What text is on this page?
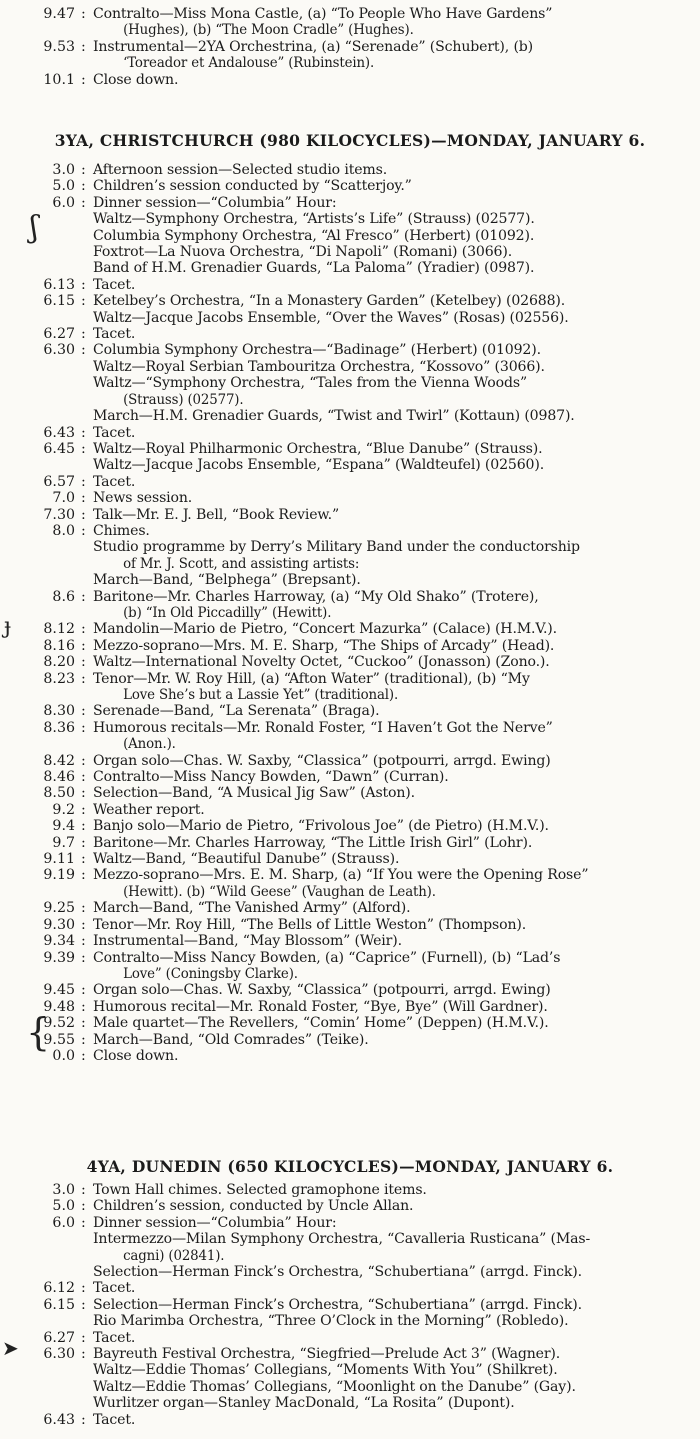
9.47 : Contralto—Miss Mona Castle, (a) “To People Who Have Gardens”
(Hughes), (b) “The Moon Cradle” (Hughes).
9.53 : Instrumental—2YA Orchestrina, (a) “Serenade” (Schubert), (b)
‘Toreador et Andalouse” (Rubinstein).
10.1 : Close down.
3YA, CHRISTCHURCH (980 KILOCYCLES)—MONDAY, JANUARY 6.
3.0 : Afternoon session—Selected studio items.
5.0 : Children’s session conducted by “Scatterjoy.”
6.0 : Dinner session—“Columbia” Hour:
Waltz—Symphony Orchestra, “Artists’s Life” (Strauss) (02577).
Columbia Symphony Orchestra, “Al Fresco” (Herbert) (01092).
Foxtrot—La Nuova Orchestra, “Di Napoli” (Romani) (3066).
Band of H.M. Grenadier Guards, “La Paloma” (Yradier) (0987).
6.13 : Tacet.
6.15 : Ketelbey’s Orchestra, “In a Monastery Garden” (Ketelbey) (02688).
Waltz—Jacque Jacobs Ensemble, “Over the Waves” (Rosas) (02556).
6.27 : Tacet.
6.30 : Columbia Symphony Orchestra—“Badinage” (Herbert) (01092).
Waltz—Royal Serbian Tambouritza Orchestra, “Kossovo” (3066).
Waltz—“Symphony Orchestra, “Tales from the Vienna Woods”
(Strauss) (02577).
March—H.M. Grenadier Guards, “Twist and Twirl” (Kottaun) (0987).
6.43 : Tacet.
6.45 : Waltz—Royal Philharmonic Orchestra, “Blue Danube” (Strauss).
Waltz—Jacque Jacobs Ensemble, “Espana” (Waldteufel) (02560).
6.57 : Tacet.
7.0 : News session.
7.30 : Talk—Mr. E. J. Bell, “Book Review.”
8.0 : Chimes.
Studio programme by Derry’s Military Band under the conductorship
of Mr. J. Scott, and assisting artists:
March—Band, “Belphega” (Brepsant).
8.6 : Baritone—Mr. Charles Harroway, (a) “My Old Shako” (Trotere),
(b) “In Old Piccadilly” (Hewitt).
8.12 : Mandolin—Mario de Pietro, “Concert Mazurka” (Calace) (H.M.V.).
8.16 : Mezzo-soprano—Mrs. M. E. Sharp, “The Ships of Arcady” (Head).
8.20 : Waltz—International Novelty Octet, “Cuckoo” (Jonasson) (Zono.).
8.23 : Tenor—Mr. W. Roy Hill, (a) “Afton Water” (traditional), (b) “My
Love She’s but a Lassie Yet” (traditional).
8.30 : Serenade—Band, “La Serenata” (Braga).
8.36 : Humorous recitals—Mr. Ronald Foster, “I Haven’t Got the Nerve”
(Anon.).
8.42 : Organ solo—Chas. W. Saxby, “Classica” (potpourri, arrgd. Ewing)
8.46 : Contralto—Miss Nancy Bowden, “Dawn” (Curran).
8.50 : Selection—Band, “A Musical Jig Saw” (Aston).
9.2 : Weather report.
9.4 : Banjo solo—Mario de Pietro, “Frivolous Joe” (de Pietro) (H.M.V.).
9.7 : Baritone—Mr. Charles Harroway, “The Little Irish Girl” (Lohr).
9.11 : Waltz—Band, “Beautiful Danube” (Strauss).
9.19 : Mezzo-soprano—Mrs. E. M. Sharp, (a) “If You were the Opening Rose”
(Hewitt). (b) “Wild Geese” (Vaughan de Leath).
9.25 : March—Band, “The Vanished Army” (Alford).
9.30 : Tenor—Mr. Roy Hill, “The Bells of Little Weston” (Thompson).
9.34 : Instrumental—Band, “May Blossom” (Weir).
9.39 : Contralto—Miss Nancy Bowden, (a) “Caprice” (Furnell), (b) “Lad’s
Love” (Coningsby Clarke).
9.45 : Organ solo—Chas. W. Saxby, “Classica” (potpourri, arrgd. Ewing)
9.48 : Humorous recital—Mr. Ronald Foster, “Bye, Bye” (Will Gardner).
9.52 : Male quartet—The Revellers, “Comin’ Home” (Deppen) (H.M.V.).
9.55 : March—Band, “Old Comrades” (Teike).
0.0 : Close down.
4YA, DUNEDIN (650 KILOCYCLES)—MONDAY, JANUARY 6.
3.0 : Town Hall chimes. Selected gramophone items.
5.0 : Children’s session, conducted by Uncle Allan.
6.0 : Dinner session—“Columbia” Hour:
Intermezzo—Milan Symphony Orchestra, “Cavalleria Rusticana” (Mas-
cagni) (02841).
Selection—Herman Finck’s Orchestra, “Schubertiana” (arrgd. Finck).
6.12 : Tacet.
6.15 : Selection—Herman Finck’s Orchestra, “Schubertiana” (arrgd. Finck).
Rio Marimba Orchestra, “Three O’Clock in the Morning” (Robledo).
6.27 : Tacet.
6.30 : Bayreuth Festival Orchestra, “Siegfried—Prelude Act 3” (Wagner).
Waltz—Eddie Thomas’ Collegians, “Moments With You” (Shilkret).
Waltz—Eddie Thomas’ Collegians, “Moonlight on the Danube” (Gay).
Wurlitzer organ—Stanley MacDonald, “La Rosita” (Dupont).
6.43 : Tacet.
ʃ
ɟ
{
➤
